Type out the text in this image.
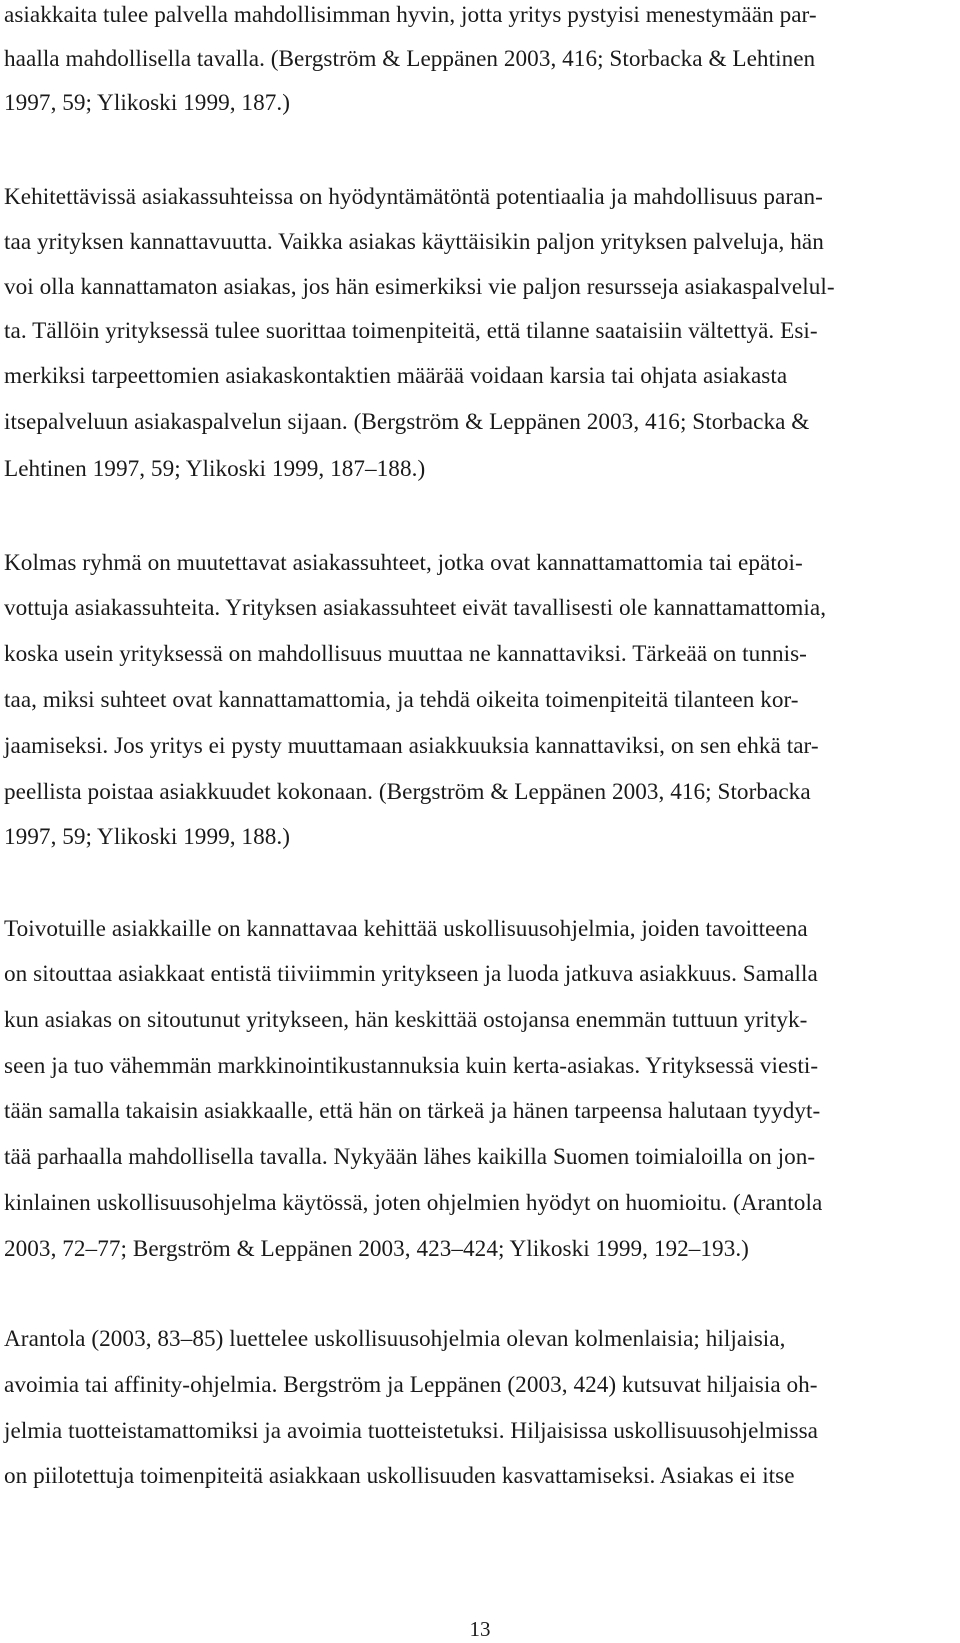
asiakkaita tulee palvella mahdollisimman hyvin, jotta yritys pystyisi menestymään par-
haalla mahdollisella tavalla. (Bergström & Leppänen 2003, 416; Storbacka & Lehtinen
1997, 59; Ylikoski 1999, 187.)
Kehitettävissä asiakassuhteissa on hyödyntämätöntä potentiaalia ja mahdollisuus paran-
taa yrityksen kannattavuutta. Vaikka asiakas käyttäisikin paljon yrityksen palveluja, hän
voi olla kannattamaton asiakas, jos hän esimerkiksi vie paljon resursseja asiakaspalvelul-
ta. Tällöin yrityksessä tulee suorittaa toimenpiteitä, että tilanne saataisiin vältettyä. Esi-
merkiksi tarpeettomien asiakaskontaktien määrää voidaan karsia tai ohjata asiakasta
itsepalveluun asiakaspalvelun sijaan. (Bergström & Leppänen 2003, 416; Storbacka &
Lehtinen 1997, 59; Ylikoski 1999, 187–188.)
Kolmas ryhmä on muutettavat asiakassuhteet, jotka ovat kannattamattomia tai epätoi-
vottuja asiakassuhteita. Yrityksen asiakassuhteet eivät tavallisesti ole kannattamattomia,
koska usein yrityksessä on mahdollisuus muuttaa ne kannattaviksi. Tärkeää on tunnis-
taa, miksi suhteet ovat kannattamattomia, ja tehdä oikeita toimenpiteitä tilanteen kor-
jaamiseksi. Jos yritys ei pysty muuttamaan asiakkuuksia kannattaviksi, on sen ehkä tar-
peellista poistaa asiakkuudet kokonaan. (Bergström & Leppänen 2003, 416; Storbacka
1997, 59; Ylikoski 1999, 188.)
Toivotuille asiakkaille on kannattavaa kehittää uskollisuusohjelmia, joiden tavoitteena
on sitouttaa asiakkaat entistä tiiviimmin yritykseen ja luoda jatkuva asiakkuus. Samalla
kun asiakas on sitoutunut yritykseen, hän keskittää ostojansa enemmän tuttuun yrityk-
seen ja tuo vähemmän markkinointikustannuksia kuin kerta-asiakas. Yrityksessä viesti-
tään samalla takaisin asiakkaalle, että hän on tärkeä ja hänen tarpeensa halutaan tyydyt-
tää parhaalla mahdollisella tavalla. Nykyään lähes kaikilla Suomen toimialoilla on jon-
kinlainen uskollisuusohjelma käytössä, joten ohjelmien hyödyt on huomioitu. (Arantola
2003, 72–77; Bergström & Leppänen 2003, 423–424; Ylikoski 1999, 192–193.)
Arantola (2003, 83–85) luettelee uskollisuusohjelmia olevan kolmenlaisia; hiljaisia,
avoimia tai affinity-ohjelmia. Bergström ja Leppänen (2003, 424) kutsuvat hiljaisia oh-
jelmia tuotteistamattomiksi ja avoimia tuotteistetuksi. Hiljaisissa uskollisuusohjelmissa
on piilotettuja toimenpiteitä asiakkaan uskollisuuden kasvattamiseksi. Asiakas ei itse
13
